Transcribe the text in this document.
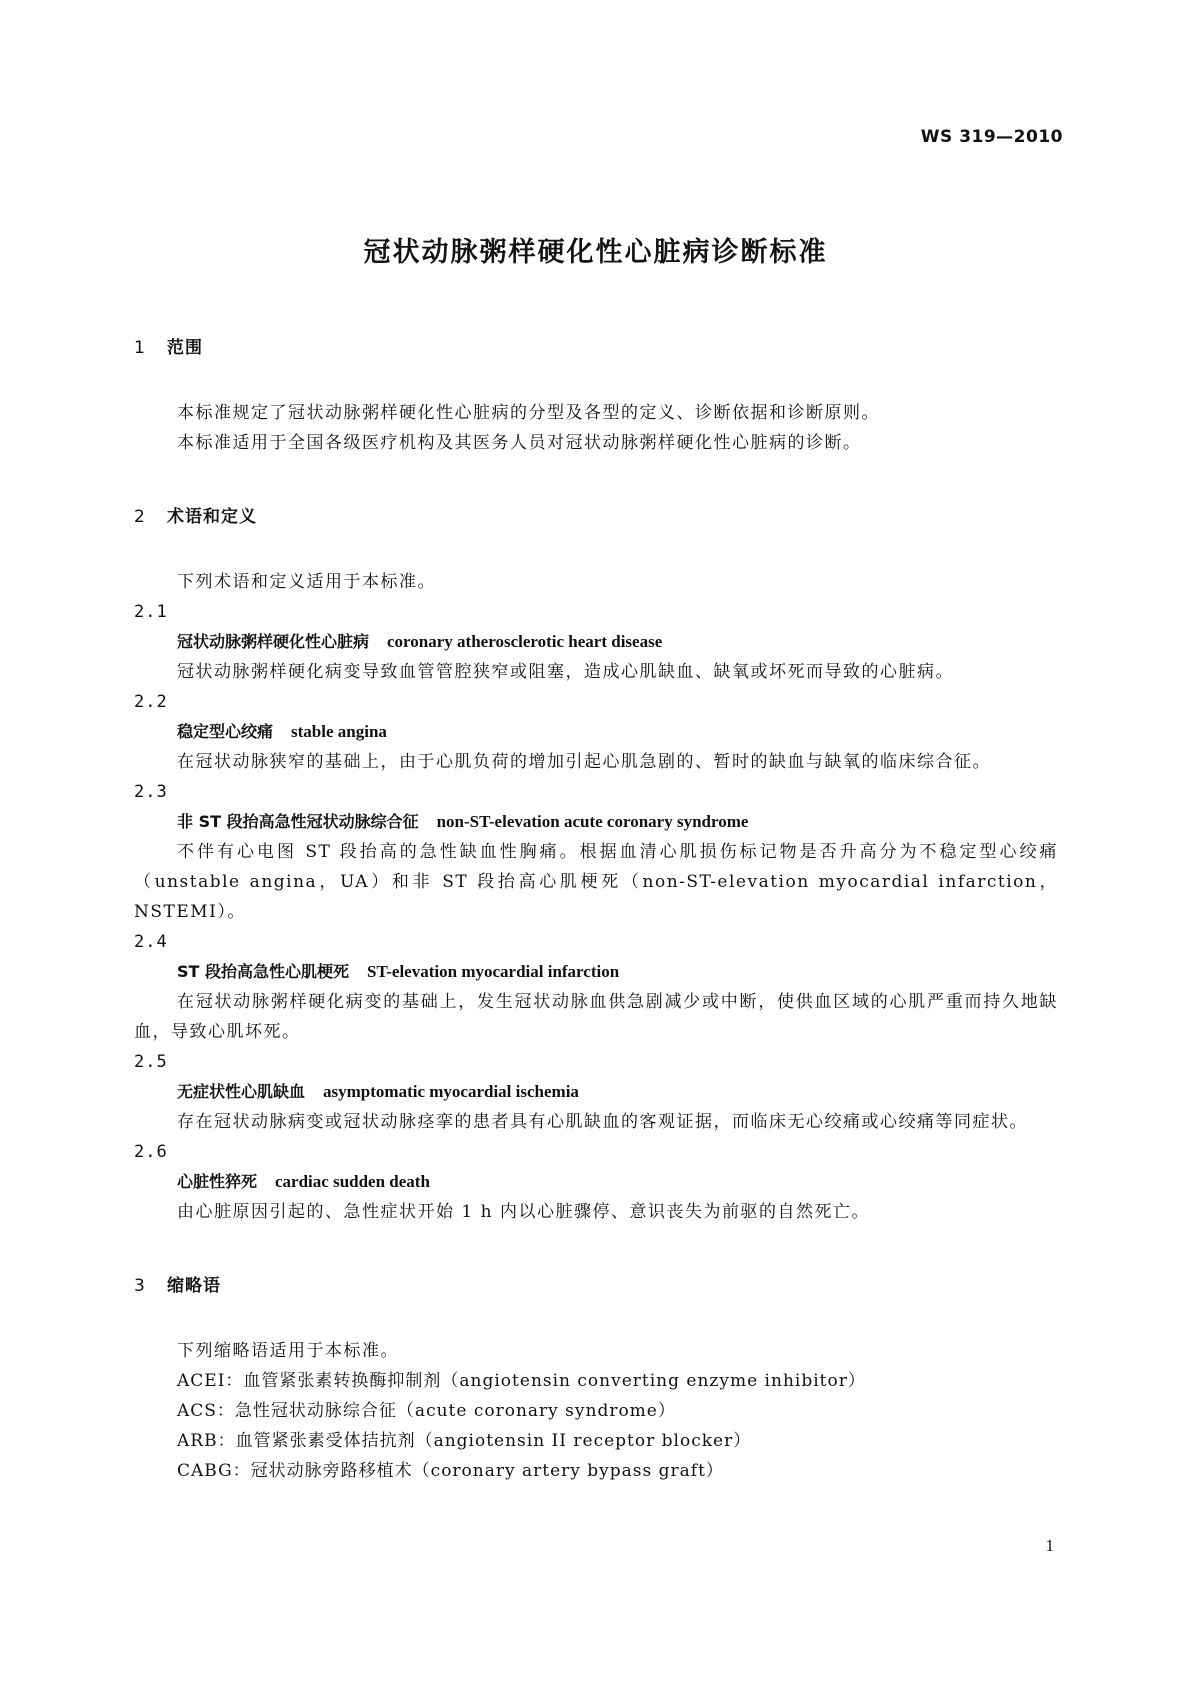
WS 319—2010
冠状动脉粥样硬化性心脏病诊断标准
1 范围

本标准规定了冠状动脉粥样硬化性心脏病的分型及各型的定义、诊断依据和诊断原则。

本标准适用于全国各级医疗机构及其医务人员对冠状动脉粥样硬化性心脏病的诊断。

2 术语和定义

下列术语和定义适用于本标准。

2.1
冠状动脉粥样硬化性心脏病 coronary atherosclerotic heart disease

冠状动脉粥样硬化病变导致血管管腔狭窄或阻塞，造成心肌缺血、缺氧或坏死而导致的心脏病。

2.2
稳定型心绞痛 stable angina

在冠状动脉狭窄的基础上，由于心肌负荷的增加引起心肌急剧的、暂时的缺血与缺氧的临床综合征。

2.3
非 ST 段抬高急性冠状动脉综合征 non-ST-elevation acute coronary syndrome

不伴有心电图 ST 段抬高的急性缺血性胸痛。根据血清心肌损伤标记物是否升高分为不稳定型心绞痛（unstable angina，UA）和非 ST 段抬高心肌梗死（non-ST-elevation myocardial infarction，NSTEMI）。

2.4
ST 段抬高急性心肌梗死 ST-elevation myocardial infarction

在冠状动脉粥样硬化病变的基础上，发生冠状动脉血供急剧减少或中断，使供血区域的心肌严重而持久地缺血，导致心肌坏死。

2.5
无症状性心肌缺血 asymptomatic myocardial ischemia

存在冠状动脉病变或冠状动脉痉挛的患者具有心肌缺血的客观证据，而临床无心绞痛或心绞痛等同症状。

2.6
心脏性猝死 cardiac sudden death

由心脏原因引起的、急性症状开始 1 h 内以心脏骤停、意识丧失为前驱的自然死亡。

3 缩略语

下列缩略语适用于本标准。

ACEI：血管紧张素转换酶抑制剂（angiotensin converting enzyme inhibitor）
ACS：急性冠状动脉综合征（acute coronary syndrome）
ARB：血管紧张素受体拮抗剂（angiotensin II receptor blocker）
CABG：冠状动脉旁路移植术（coronary artery bypass graft）
1
